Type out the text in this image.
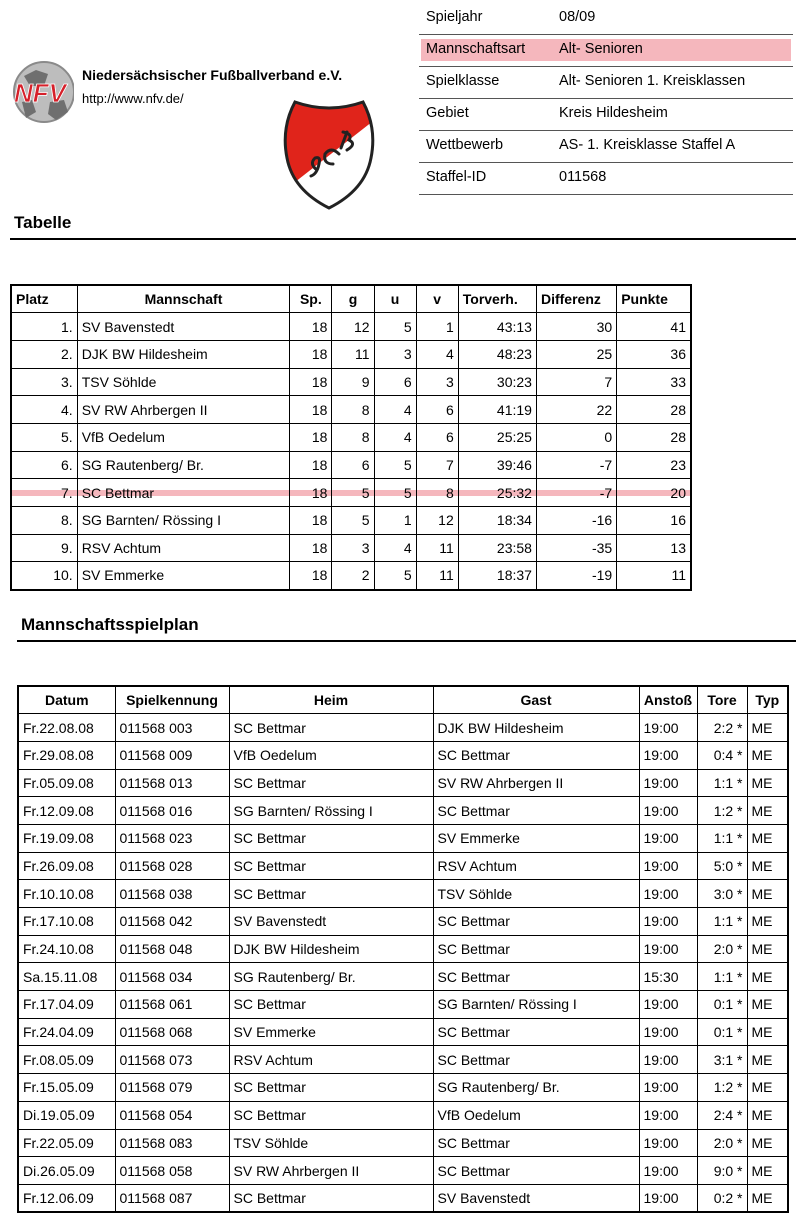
NFV
Niedersächsischer Fußballverband e.V.
http://www.nfv.de/
Spieljahr	08/09
Mannschaftsart Alt- Senioren
Spielklasse	Alt- Senioren 1. Kreisklassen
Gebiet	Kreis Hildesheim
Wettbewerb	AS- 1. Kreisklasse Staffel A
Staffel-ID	011568
Tabelle
Platz	Mannschaft	Sp.	g	u	v	Torverh.	Differenz	Punkte
1.	SV Bavenstedt	18	12	5	1	43:13	30	41
2.	DJK BW Hildesheim	18	11	3	4	48:23	25	36
3.	TSV Söhlde	18	9	6	3	30:23	7	33
4.	SV RW Ahrbergen II	18	8	4	6	41:19	22	28
5.	VfB Oedelum	18	8	4	6	25:25	0	28
6.	SG Rautenberg/ Br.	18	6	5	7	39:46	-7	23
7.	SC Bettmar	18	5	5	8	25:32	-7	20
8.	SG Barnten/ Rössing I	18	5	1	12	18:34	-16	16
9.	RSV Achtum	18	3	4	11	23:58	-35	13
10.	SV Emmerke	18	2	5	11	18:37	-19	11
Mannschaftsspielplan
Datum	Spielkennung	Heim	Gast	Anstoß	Tore	Typ
Fr.22.08.08	011568 003	SC Bettmar	DJK BW Hildesheim	19:00	2:2 *	ME
Fr.29.08.08	011568 009	VfB Oedelum	SC Bettmar	19:00	0:4 *	ME
Fr.05.09.08	011568 013	SC Bettmar	SV RW Ahrbergen II	19:00	1:1 *	ME
Fr.12.09.08	011568 016	SG Barnten/ Rössing I	SC Bettmar	19:00	1:2 *	ME
Fr.19.09.08	011568 023	SC Bettmar	SV Emmerke	19:00	1:1 *	ME
Fr.26.09.08	011568 028	SC Bettmar	RSV Achtum	19:00	5:0 *	ME
Fr.10.10.08	011568 038	SC Bettmar	TSV Söhlde	19:00	3:0 *	ME
Fr.17.10.08	011568 042	SV Bavenstedt	SC Bettmar	19:00	1:1 *	ME
Fr.24.10.08	011568 048	DJK BW Hildesheim	SC Bettmar	19:00	2:0 *	ME
Sa.15.11.08	011568 034	SG Rautenberg/ Br.	SC Bettmar	15:30	1:1 *	ME
Fr.17.04.09	011568 061	SC Bettmar	SG Barnten/ Rössing I	19:00	0:1 *	ME
Fr.24.04.09	011568 068	SV Emmerke	SC Bettmar	19:00	0:1 *	ME
Fr.08.05.09	011568 073	RSV Achtum	SC Bettmar	19:00	3:1 *	ME
Fr.15.05.09	011568 079	SC Bettmar	SG Rautenberg/ Br.	19:00	1:2 *	ME
Di.19.05.09	011568 054	SC Bettmar	VfB Oedelum	19:00	2:4 *	ME
Fr.22.05.09	011568 083	TSV Söhlde	SC Bettmar	19:00	2:0 *	ME
Di.26.05.09	011568 058	SV RW Ahrbergen II	SC Bettmar	19:00	9:0 *	ME
Fr.12.06.09	011568 087	SC Bettmar	SV Bavenstedt	19:00	0:2 *	ME
